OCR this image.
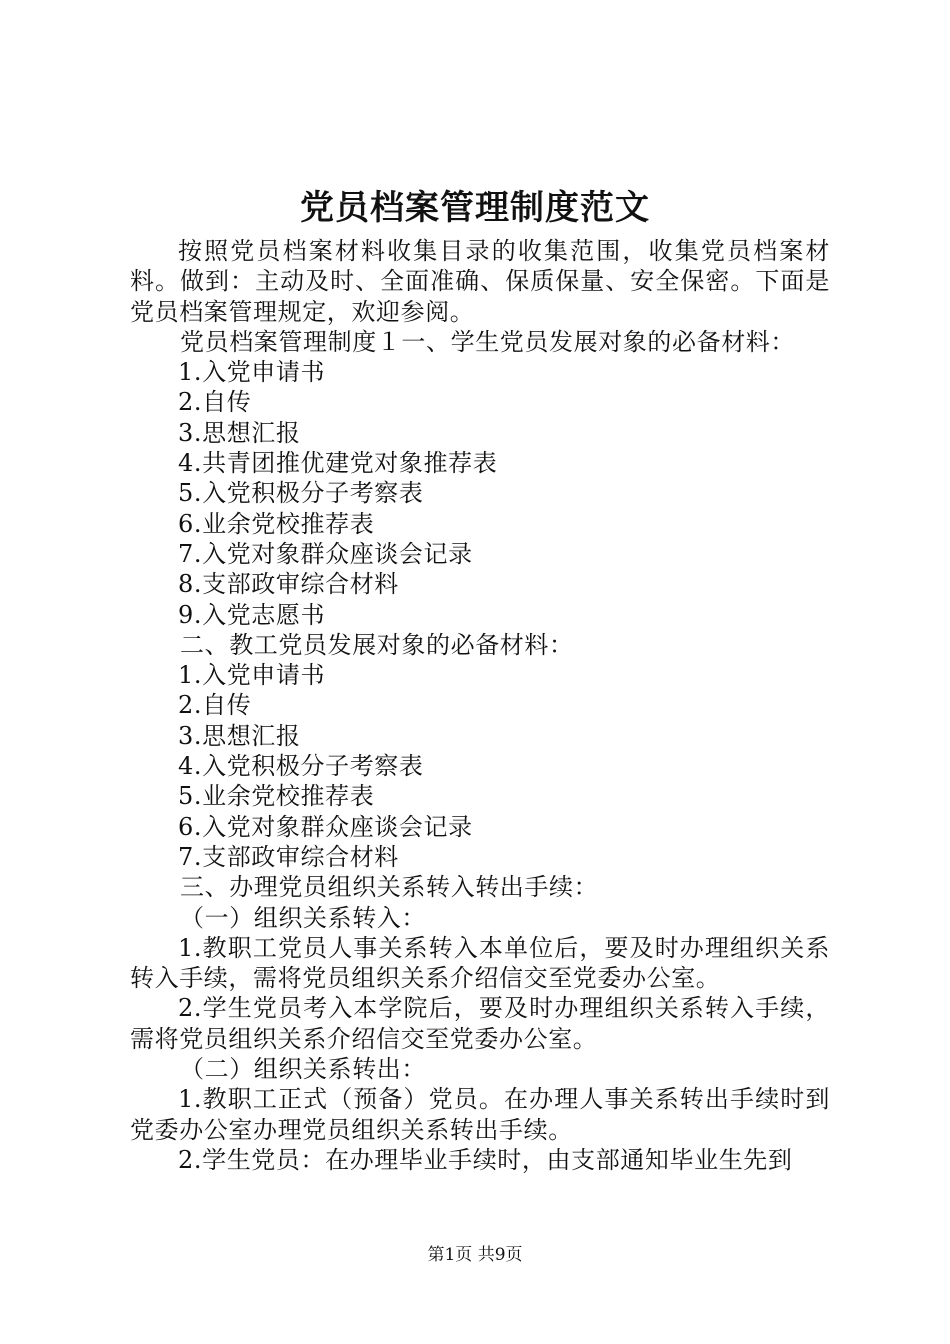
党员档案管理制度范文

按照党员档案材料收集目录的收集范围，收集党员档案材料。做到：主动及时、全面准确、保质保量、安全保密。下面是党员档案管理规定，欢迎参阅。

党员档案管理制度１一、学生党员发展对象的必备材料：

1.入党申请书

2.自传

3.思想汇报

4.共青团推优建党对象推荐表

5.入党积极分子考察表

6.业余党校推荐表

7.入党对象群众座谈会记录

8.支部政审综合材料

9.入党志愿书

二、教工党员发展对象的必备材料：

1.入党申请书

2.自传

3.思想汇报

4.入党积极分子考察表

5.业余党校推荐表

6.入党对象群众座谈会记录

7.支部政审综合材料

三、办理党员组织关系转入转出手续：

（一）组织关系转入：

1.教职工党员人事关系转入本单位后，要及时办理组织关系转入手续，需将党员组织关系介绍信交至党委办公室。

2.学生党员考入本学院后，要及时办理组织关系转入手续，需将党员组织关系介绍信交至党委办公室。

（二）组织关系转出：

1.教职工正式（预备）党员。在办理人事关系转出手续时到党委办公室办理党员组织关系转出手续。

2.学生党员：在办理毕业手续时，由支部通知毕业生先到

第1页 共9页
